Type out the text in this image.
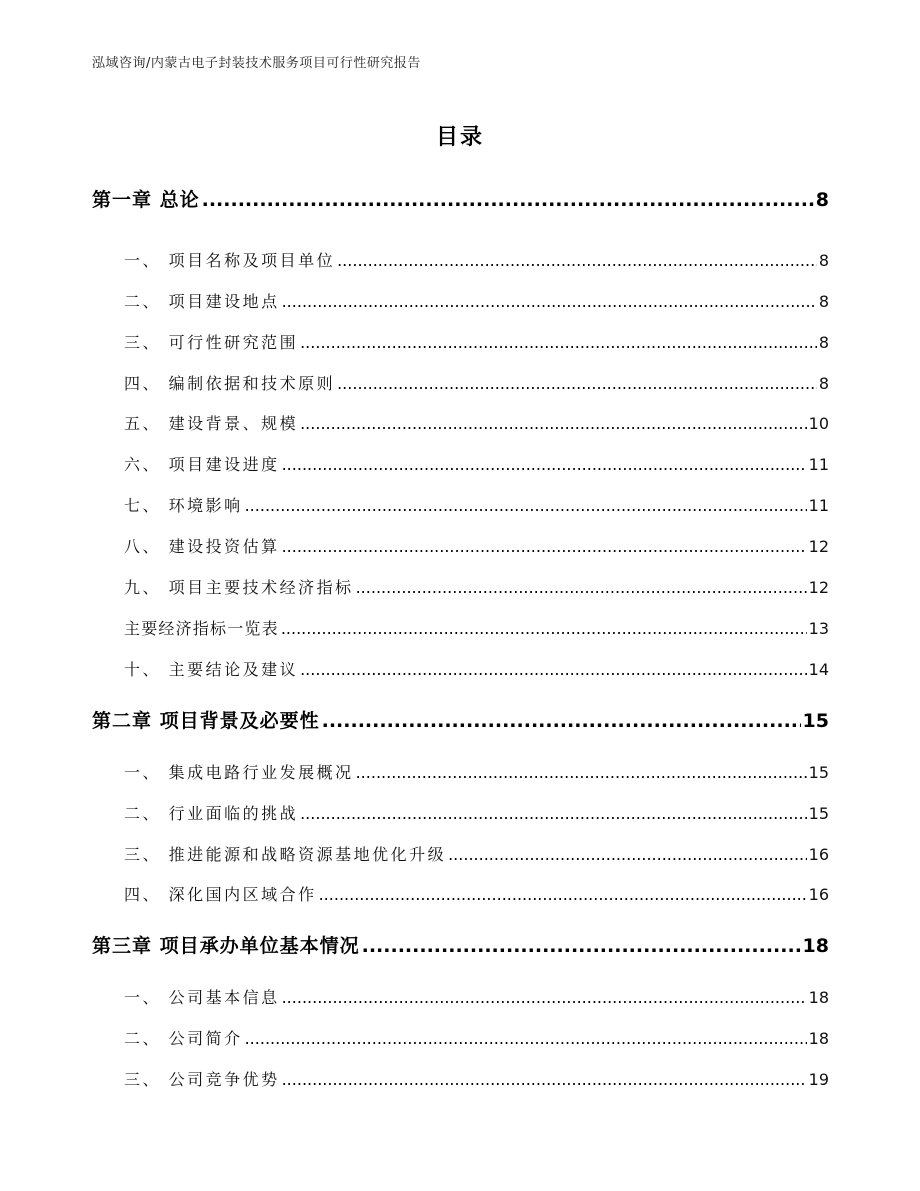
泓域咨询/内蒙古电子封装技术服务项目可行性研究报告
目录
第一章 总论 .....	8
一、 项目名称及项目单位 .....	8
二、 项目建设地点 .....	8
三、 可行性研究范围 .....	8
四、 编制依据和技术原则 .....	8
五、 建设背景、规模 .....	10
六、 项目建设进度 .....	11
七、 环境影响 .....	11
八、 建设投资估算 .....	12
九、 项目主要技术经济指标 .....	12
主要经济指标一览表 .....	13
十、 主要结论及建议 .....	14
第二章 项目背景及必要性 .....	15
一、 集成电路行业发展概况 .....	15
二、 行业面临的挑战 .....	15
三、 推进能源和战略资源基地优化升级 .....	16
四、 深化国内区域合作 .....	16
第三章 项目承办单位基本情况 .....	18
一、 公司基本信息 .....	18
二、 公司简介 .....	18
三、 公司竞争优势 .....	19
